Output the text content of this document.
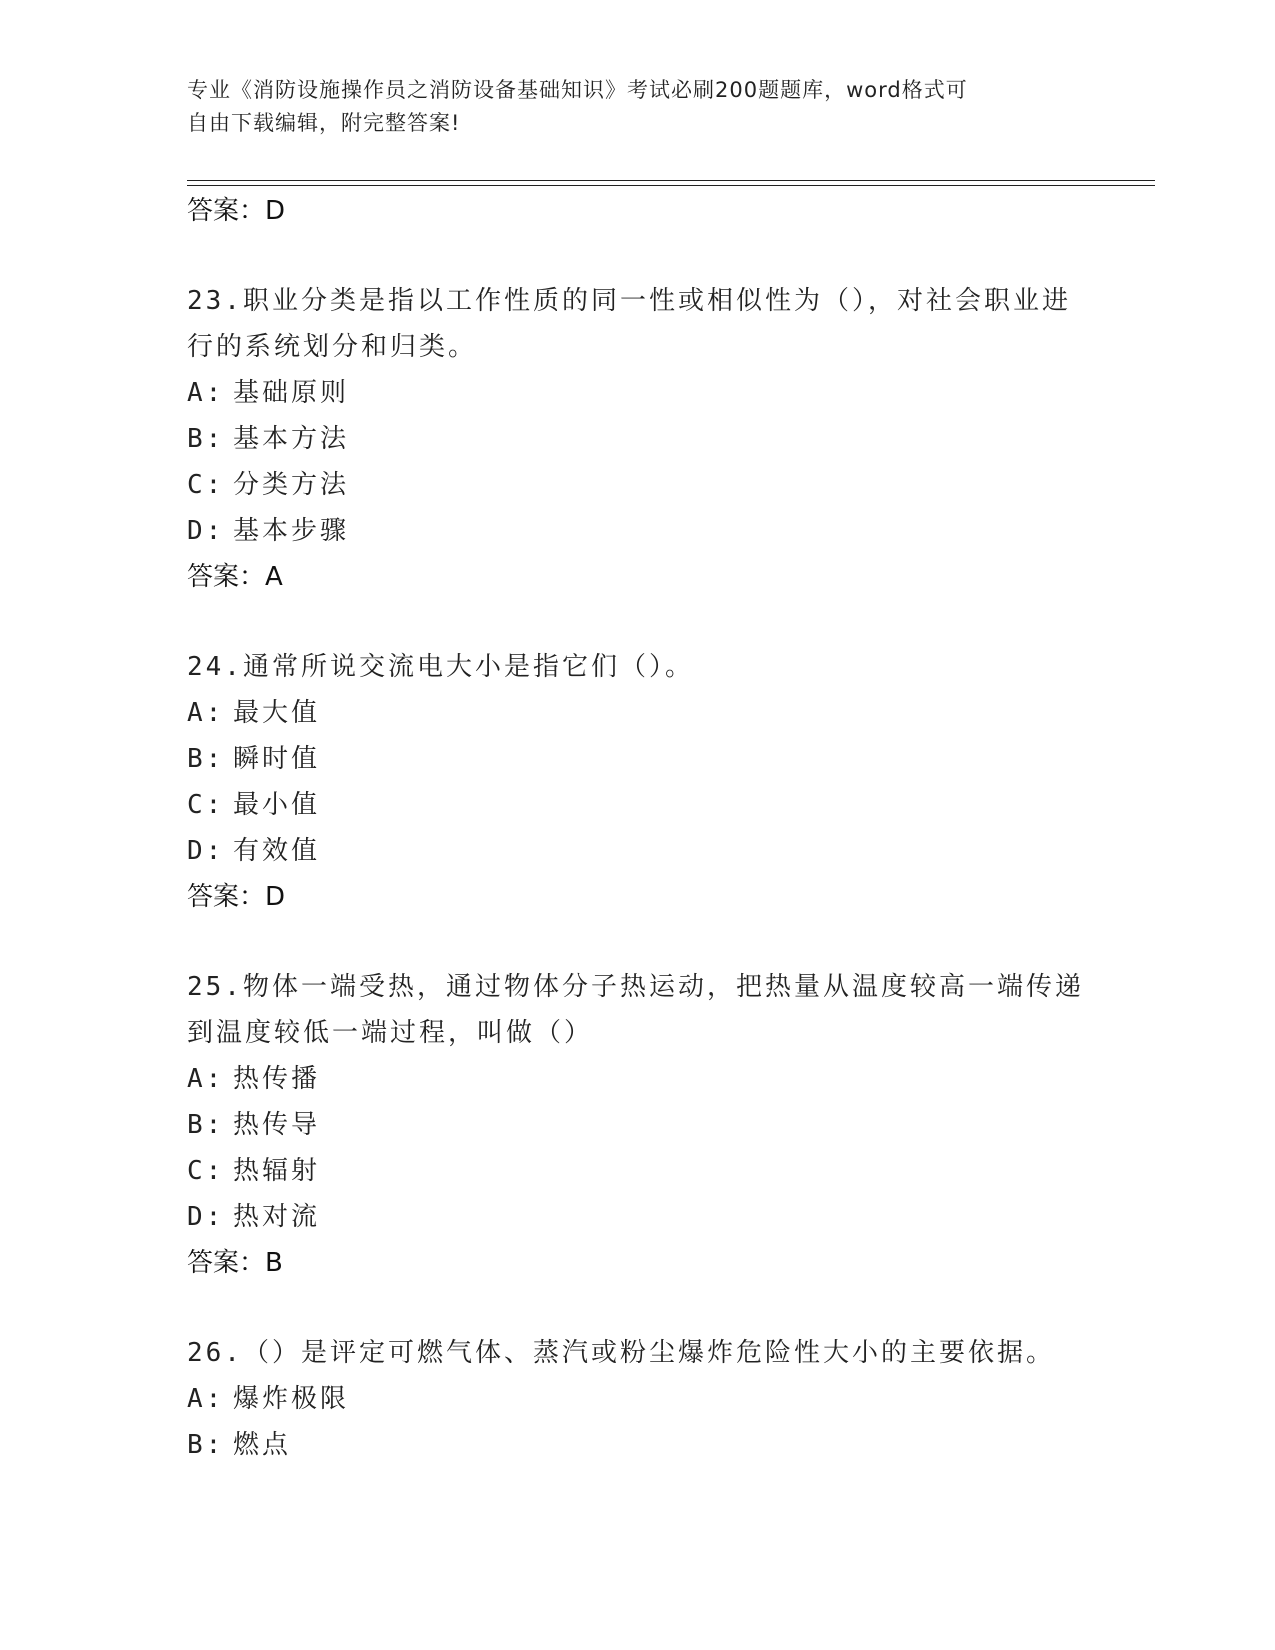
专业《消防设施操作员之消防设备基础知识》考试必刷200题题库，word格式可
自由下载编辑，附完整答案!
答案：D
23.职业分类是指以工作性质的同一性或相似性为（），对社会职业进行的系统划分和归类。
A: 基础原则
B: 基本方法
C: 分类方法
D: 基本步骤
答案：A
24.通常所说交流电大小是指它们（）。
A: 最大值
B: 瞬时值
C: 最小值
D: 有效值
答案：D
25.物体一端受热，通过物体分子热运动，把热量从温度较高一端传递到温度较低一端过程，叫做（）
A: 热传播
B: 热传导
C: 热辐射
D: 热对流
答案：B
26.（）是评定可燃气体、蒸汽或粉尘爆炸危险性大小的主要依据。
A: 爆炸极限
B: 燃点
